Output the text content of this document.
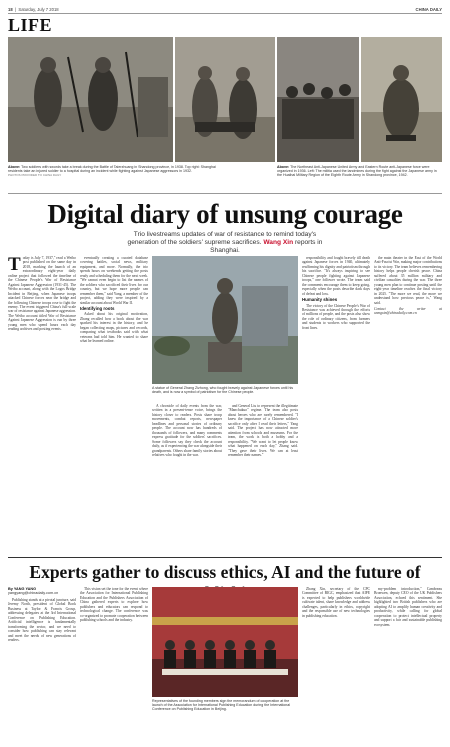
18  |  Saturday, July 7 2018	CHINA DAILY
LIFE
Above: Two soldiers with swords take a break during the Battle of Taierzhuang in Shandong province, in 1938. Top right: Shanghai residents take an injured soldier to a hospital during an incident while fighting against Japanese aggressors in 1932.
PHOTOS PROVIDED TO CHINA DAILY
Above: The Northeast Anti-Japanese United Army and Eastern Route anti-Japanese force were organized in 1936. Left: The militia used the landmines during the fight against the Japanese army in the Huaihai Military Region of the Eighth Route Army in Shandong province, 1942.
Digital diary of unsung courage
Trio livestreams updates of war of resistance to remind today's generation of the soldiers' supreme sacrifices. Wang Xin reports in Shanghai.

Today is July 7, 1937," read a Weibo post published on the same day in 2018, marking the launch of an extraordinary eight-year daily online project that followed the timeline of the Chinese People's War of Resistance Against Japanese Aggression (1931-45). The Weibo account, along with the Logos Bridge Incident in Beijing, when Japanese troops attacked Chinese forces near the bridge and the following Chinese troops rose to fight the enemy. The event triggered China's full-scale war of resistance against Japanese aggression. The Weibo account titled War of Resistance Against Japanese Aggression is run by three young men who spend hours each day reading archives and posting events.

eventually creating a curated database covering battles, social news, military equipment, and more. Normally, the trio spends hours on weekends getting the posts ready and scheduling them for the next week. "We cannot even begin to list the names of the soldiers who sacrificed their lives for our country, but we hope more people can remember them," said Yang, a member of the project, adding they were inspired by a similar account about World War II.

Identifying roots

Asked about his original motivation, Zhang recalled how a book about the war sparked his interest in the history, and he began collecting maps, pictures and records, comparing what textbooks said with what veterans had told him. He wanted to share what he learned online.

A statue of General Zhang Zizhong, who fought bravely against Japanese forces until his death, and is now a symbol of patriotism for the Chinese people.

A chronicle of daily events from the war, written in a present-tense voice, brings the history closer to readers. Posts share troop movements, combat reports, newspaper headlines and personal stories of ordinary people. The account now has hundreds of thousands of followers, and many comments express gratitude for the soldiers' sacrifices. Some followers say they check the account daily, as if experiencing the war alongside their grandparents. Others share family stories about relatives who fought in the war.

and General Liu to represent the illegitimate "Manchukuo" regime. The team also posts about heroes who are rarely remembered. "I knew the importance of a Chinese soldier's sacrifice only after I read their letters," Yang said. The project has now attracted more attention from schools and museums. For the team, the work is both a hobby and a responsibility. "We want to let people know what happened on each day," Zhang said. "They gave their lives. We can at least remember their names."

responsibility and fought bravely till death against Japanese forces in 1940, ultimately reaffirming his dignity and patriotism through his sacrifice. "It's always inspiring to see Chinese people fighting against Japanese troops," one follower wrote. The team said the comments encourage them to keep going, especially when the posts describe dark days of defeat and loss.

Humanity shines

The victory of the Chinese People's War of Resistance was achieved through the efforts of millions of people, and the posts also show the role of ordinary citizens, from farmers and students to workers who supported the front lines.

the main theater in the East of the World Anti-Fascist War, making major contributions to its victory. The team believes remembering history helps people cherish peace. China suffered about 35 million military and civilian casualties during the war. The three young men plan to continue posting until the eight-year timeline reaches the final victory in 2025. "The more we read, the more we understand how precious peace is," Wang said.

Contact the writer at wangxin@chinadaily.com.cn

Experts gather to discuss ethics, AI and the future of
By YANG YANG
yangyang@chinadaily.com.cn

Publishing stands at a pivotal juncture, said Jeremy North, president of Global Book Business at Taylor & Francis Group, addressing delegates at the 3rd International Conference on Publishing Education. Artificial intelligence is fundamentally transforming the sector, and we need to consider how publishing can stay relevant and meet the needs of new generations of readers.

This vision set the tone for the event where the Association for International Publishing Education and the Publishers Association of China gathered experts to explore how publishers and educators can respond to technological change. The conference was co-organized to promote cooperation between publishing schools and the industry.

Representatives of the founding members sign the memorandum of cooperation at the launch of the Association for International Publishing Education during the International Conference on Publishing Education in Beijing.

Zhang Xin, secretary of the CPC Committee of BIGC, emphasized that AIPE is expected to help publishers worldwide cultivate talent, share knowledge and address challenges, particularly in ethics, copyright and the responsible use of new technologies in publishing education.

my-problem introduction," Cambreau Bronwen, deputy CEO of the UK Publishers Association, echoed this sentiment. She highlighted two British publishers who are adopting AI to amplify human creativity and productivity, while calling for global cooperation to protect intellectual property and support a fair and sustainable publishing ecosystem.
